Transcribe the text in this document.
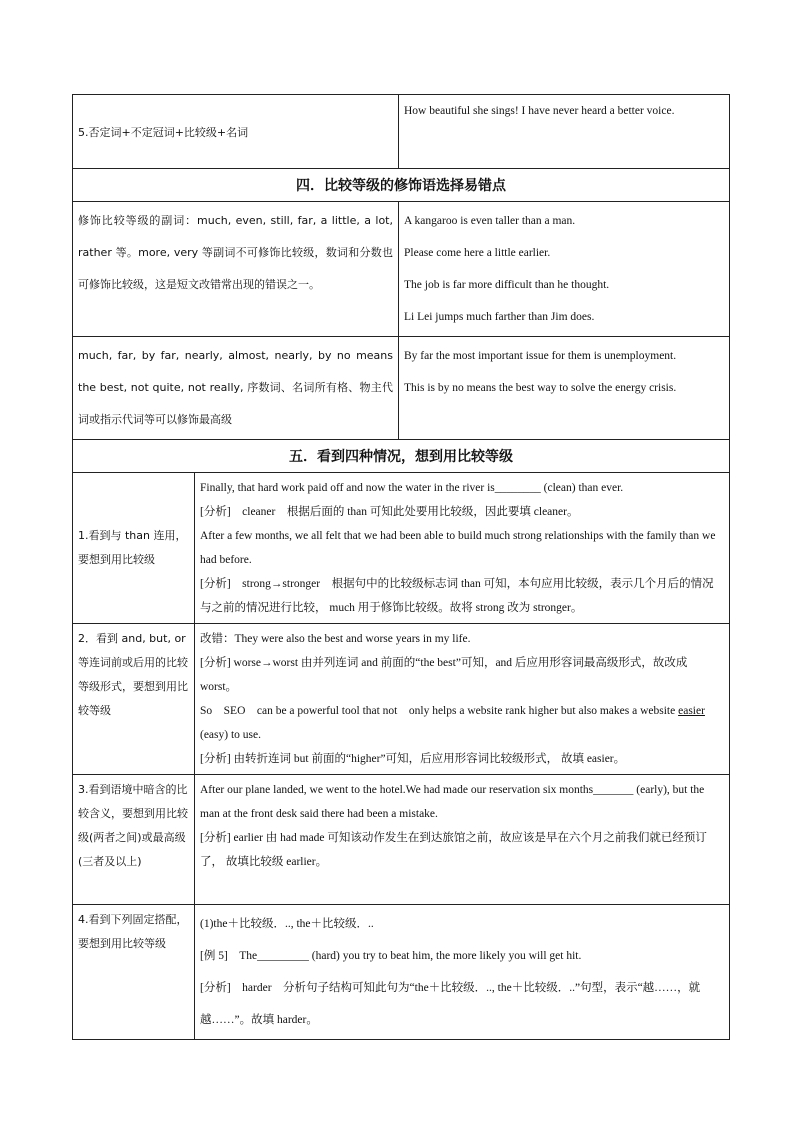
5.否定词+不定冠词+比较级+名词		How beautiful she sings! I have never heard a better voice.
四．比较等级的修饰语选择易错点		
修饰比较等级的副词：much, even, still, far, a little, a lot, rather 等。more, very 等副词不可修饰比较级，数词和分数也可修饰比较级，这是短文改错常出现的错误之一。		A kangaroo is even taller than a man.
Please come here a little earlier.
The job is far more difficult than he thought.
Li Lei jumps much farther than Jim does.

much, far, by far, nearly, almost, nearly, by no means the best, not quite, not really, 序数词、名词所有格、物主代词或指示代词等可以修饰最高级		By far the most important issue for them is unemployment.
This is by no means the best way to solve the energy crisis.

五．看到四种情况，想到用比较等级		
1.看到与 than 连用，要想到用比较级	Finally, that hard work paid off and now the water in the river is________ (clean) than ever.
[分析]　cleaner　根据后面的 than 可知此处要用比较级，因此要填 cleaner。
After a few months, we all felt that we had been able to build much strong relationships with the family than we had before.
[分析]　strong→stronger　根据句中的比较级标志词 than 可知，本句应用比较级，表示几个月后的情况与之前的情况进行比较， much 用于修饰比较级。故将 strong 改为 stronger。	

2．看到 and, but, or 等连词前或后用的比较等级形式，要想到用比较等级	改错：They were also the best and worse years in my life.
[分析] worse→worst 由并列连词 and 前面的“the best”可知，and 后应用形容词最高级形式，故改成 worst。
So　SEO　can be a powerful tool that not　only helps a website rank higher but also makes a website easier (easy) to use.
[分析] 由转折连词 but 前面的“higher”可知，后应用形容词比较级形式， 故填 easier。	

3.看到语境中暗含的比较含义，要想到用比较级(两者之间)或最高级(三者及以上)	After our plane landed, we went to the hotel.We had made our reservation six months_______ (early), but the man at the front desk said there had been a mistake.
[分析] earlier 由 had made 可知该动作发生在到达旅馆之前，故应该是早在六个月之前我们就已经预订了， 故填比较级 earlier。	

4.看到下列固定搭配，要想到用比较等级	(1)the＋比较级．.., the＋比较级．..
[例 5]　The_________ (hard) you try to beat him, the more likely you will get hit.
[分析]　harder　分析句子结构可知此句为“the＋比较级．.., the＋比较级．..”句型，表示“越……，就越……”。故填 harder。	
